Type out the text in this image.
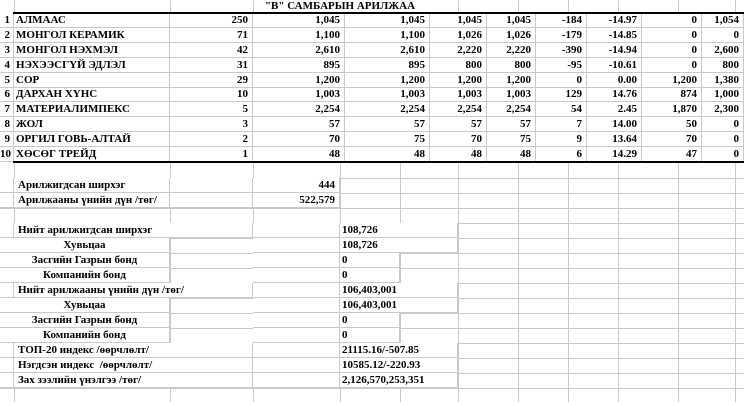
"В" САМБАРЫН АРИЛЖАА
1 АЛМААС	250	1,045	1,045	1,045	1,045	-184	-14.97	0	1,054
2 МОНГОЛ КЕРАМИК	71	1,100	1,100	1,026	1,026	-179	-14.85	0	0
3 МОНГОЛ НЭХМЭЛ	42	2,610	2,610	2,220	2,220	-390	-14.94	0	2,600
4 НЭХЭЭСГҮЙ ЭДЛЭЛ	31	895	895	800	800	-95	-10.61	0	800
5 СОР	29	1,200	1,200	1,200	1,200	0	0.00	1,200	1,380
6 ДАРХАН ХҮНС	10	1,003	1,003	1,003	1,003	129	14.76	874	1,000
7 МАТЕРИАЛИМПЕКС	5	2,254	2,254	2,254	2,254	54	2.45	1,870	2,300
8 ЖОЛ	3	57	57	57	57	7	14.00	50	0
9 ОРГИЛ ГОВЬ-АЛТАЙ	2	70	75	70	75	9	13.64	70	0
10 ХӨСӨГ ТРЕЙД	1	48	48	48	48	6	14.29	47	0
Арилжигдсан ширхэг	444
Арилжааны үнийн дүн /төг/	522,579
Нийт арилжигдсан ширхэг	108,726
Хувьцаа	108,726
Засгийн Газрын бонд	0
Компанийн бонд	0
Нийт арилжааны үнийн дүн /төг/	106,403,001
Хувьцаа	106,403,001
Засгийн Газрын бонд	0
Компанийн бонд	0
ТОП-20 индекс /өөрчлөлт/	21115.16/-507.85
Нэгдсэн индекс  /өөрчлөлт/	10585.12/-220.93
Зах зээлийн үнэлгээ /төг/	2,126,570,253,351
